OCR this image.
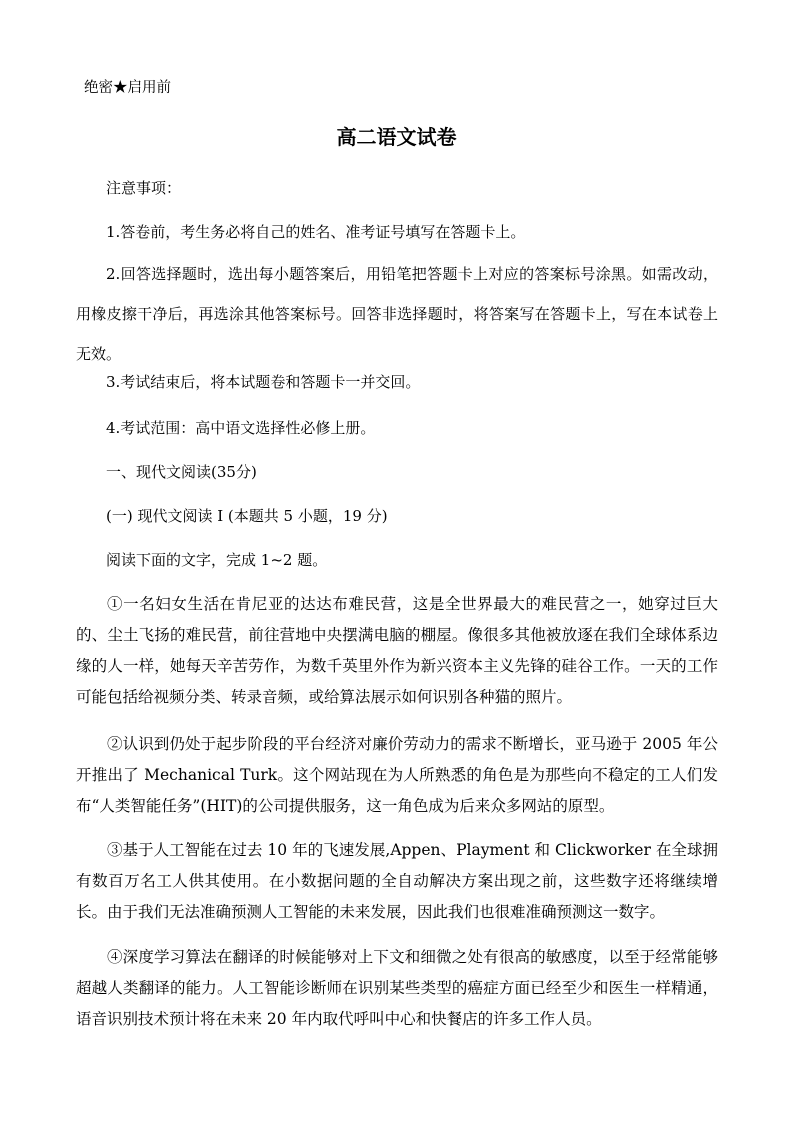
绝密★启用前
高二语文试卷
注意事项：
1.答卷前，考生务必将自己的姓名、准考证号填写在答题卡上。
2.回答选择题时，选出每小题答案后，用铅笔把答题卡上对应的答案标号涂黑。如需改动，用橡皮擦干净后，再选涂其他答案标号。回答非选择题时，将答案写在答题卡上，写在本试卷上无效。
3.考试结束后，将本试题卷和答题卡一并交回。
4.考试范围：高中语文选择性必修上册。
一、现代文阅读(35分)
(一) 现代文阅读 I (本题共 5 小题，19 分)
阅读下面的文字，完成 1~2 题。
①一名妇女生活在肯尼亚的达达布难民营，这是全世界最大的难民营之一，她穿过巨大的、尘土飞扬的难民营，前往营地中央摆满电脑的棚屋。像很多其他被放逐在我们全球体系边缘的人一样，她每天辛苦劳作，为数千英里外作为新兴资本主义先锋的硅谷工作。一天的工作可能包括给视频分类、转录音频，或给算法展示如何识别各种猫的照片。
②认识到仍处于起步阶段的平台经济对廉价劳动力的需求不断增长，亚马逊于 2005 年公开推出了 Mechanical Turk。这个网站现在为人所熟悉的角色是为那些向不稳定的工人们发布“人类智能任务”(HIT)的公司提供服务，这一角色成为后来众多网站的原型。
③基于人工智能在过去 10 年的飞速发展,Appen、Playment 和 Clickworker 在全球拥有数百万名工人供其使用。在小数据问题的全自动解决方案出现之前，这些数字还将继续增长。由于我们无法准确预测人工智能的未来发展，因此我们也很难准确预测这一数字。
④深度学习算法在翻译的时候能够对上下文和细微之处有很高的敏感度，以至于经常能够超越人类翻译的能力。人工智能诊断师在识别某些类型的癌症方面已经至少和医生一样精通，语音识别技术预计将在未来 20 年内取代呼叫中心和快餐店的许多工作人员。
